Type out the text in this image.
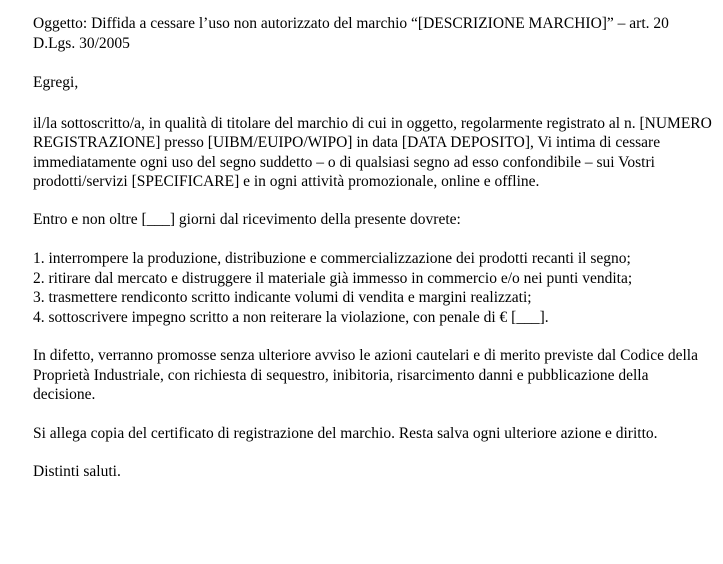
Oggetto: Diffida a cessare l’uso non autorizzato del marchio “[DESCRIZIONE MARCHIO]” – art. 20 D.Lgs. 30/2005

Egregi,

il/la sottoscritto/a, in qualità di titolare del marchio di cui in oggetto, regolarmente registrato al n. [NUMERO REGISTRAZIONE] presso [UIBM/EUIPO/WIPO] in data [DATA DEPOSITO], Vi intima di cessare immediatamente ogni uso del segno suddetto – o di qualsiasi segno ad esso confondibile – sui Vostri prodotti/servizi [SPECIFICARE] e in ogni attività promozionale, online e offline.

Entro e non oltre [___] giorni dal ricevimento della presente dovrete:

1. interrompere la produzione, distribuzione e commercializzazione dei prodotti recanti il segno;
2. ritirare dal mercato e distruggere il materiale già immesso in commercio e/o nei punti vendita;
3. trasmettere rendiconto scritto indicante volumi di vendita e margini realizzati;
4. sottoscrivere impegno scritto a non reiterare la violazione, con penale di € [___].

In difetto, verranno promosse senza ulteriore avviso le azioni cautelari e di merito previste dal Codice della Proprietà Industriale, con richiesta di sequestro, inibitoria, risarcimento danni e pubblicazione della decisione.

Si allega copia del certificato di registrazione del marchio. Resta salva ogni ulteriore azione e diritto.

Distinti saluti.
